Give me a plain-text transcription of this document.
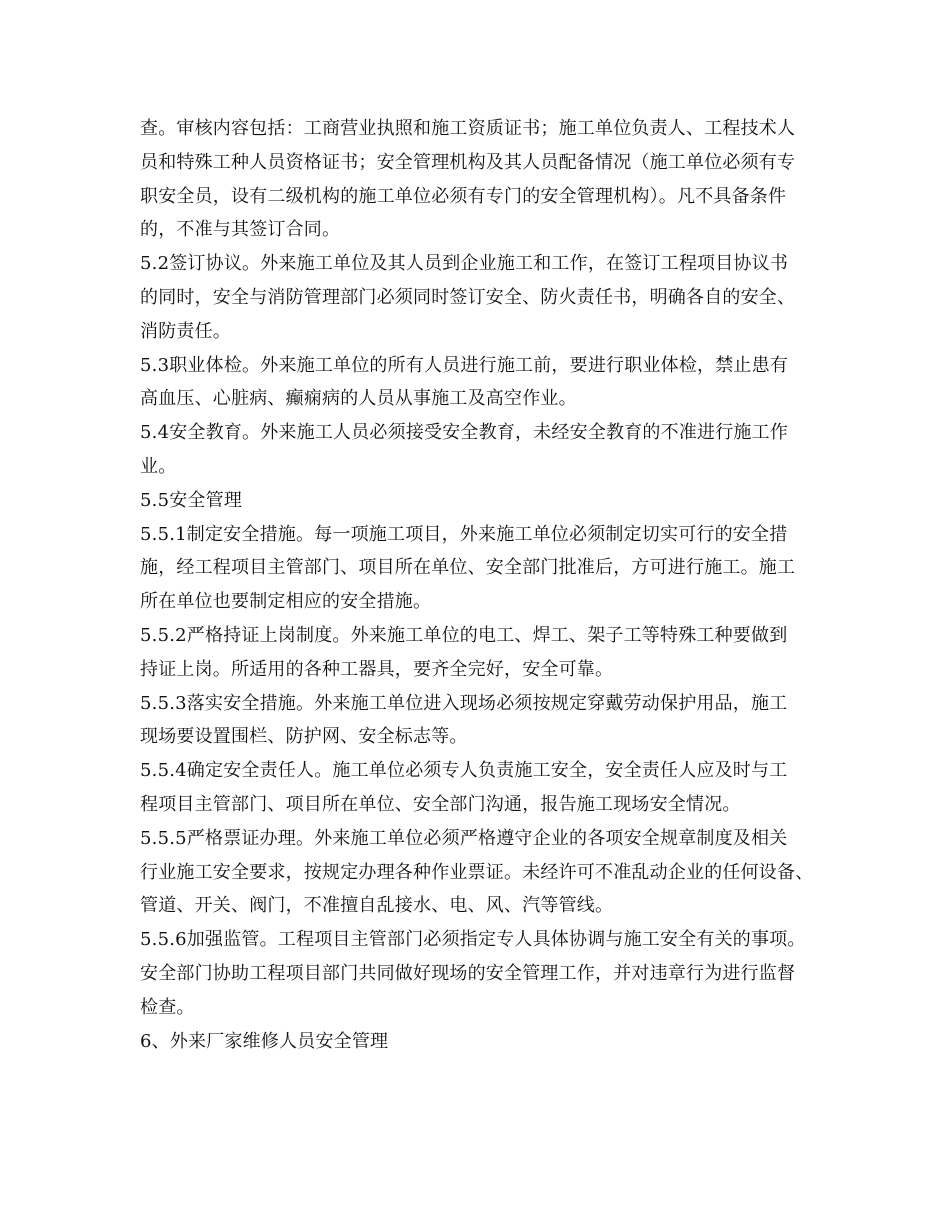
查。审核内容包括：工商营业执照和施工资质证书；施工单位负责人、工程技术人
员和特殊工种人员资格证书；安全管理机构及其人员配备情况（施工单位必须有专
职安全员，设有二级机构的施工单位必须有专门的安全管理机构）。凡不具备条件
的，不准与其签订合同。
5.2签订协议。外来施工单位及其人员到企业施工和工作，在签订工程项目协议书
的同时，安全与消防管理部门必须同时签订安全、防火责任书，明确各自的安全、
消防责任。
5.3职业体检。外来施工单位的所有人员进行施工前，要进行职业体检，禁止患有
高血压、心脏病、癫痫病的人员从事施工及高空作业。
5.4安全教育。外来施工人员必须接受安全教育，未经安全教育的不准进行施工作
业。
5.5安全管理
5.5.1制定安全措施。每一项施工项目，外来施工单位必须制定切实可行的安全措
施，经工程项目主管部门、项目所在单位、安全部门批准后，方可进行施工。施工
所在单位也要制定相应的安全措施。
5.5.2严格持证上岗制度。外来施工单位的电工、焊工、架子工等特殊工种要做到
持证上岗。所适用的各种工器具，要齐全完好，安全可靠。
5.5.3落实安全措施。外来施工单位进入现场必须按规定穿戴劳动保护用品，施工
现场要设置围栏、防护网、安全标志等。
5.5.4确定安全责任人。施工单位必须专人负责施工安全，安全责任人应及时与工
程项目主管部门、项目所在单位、安全部门沟通，报告施工现场安全情况。
5.5.5严格票证办理。外来施工单位必须严格遵守企业的各项安全规章制度及相关
行业施工安全要求，按规定办理各种作业票证。未经许可不准乱动企业的任何设备、
管道、开关、阀门，不准擅自乱接水、电、风、汽等管线。
5.5.6加强监管。工程项目主管部门必须指定专人具体协调与施工安全有关的事项。
安全部门协助工程项目部门共同做好现场的安全管理工作，并对违章行为进行监督
检查。
6、外来厂家维修人员安全管理
